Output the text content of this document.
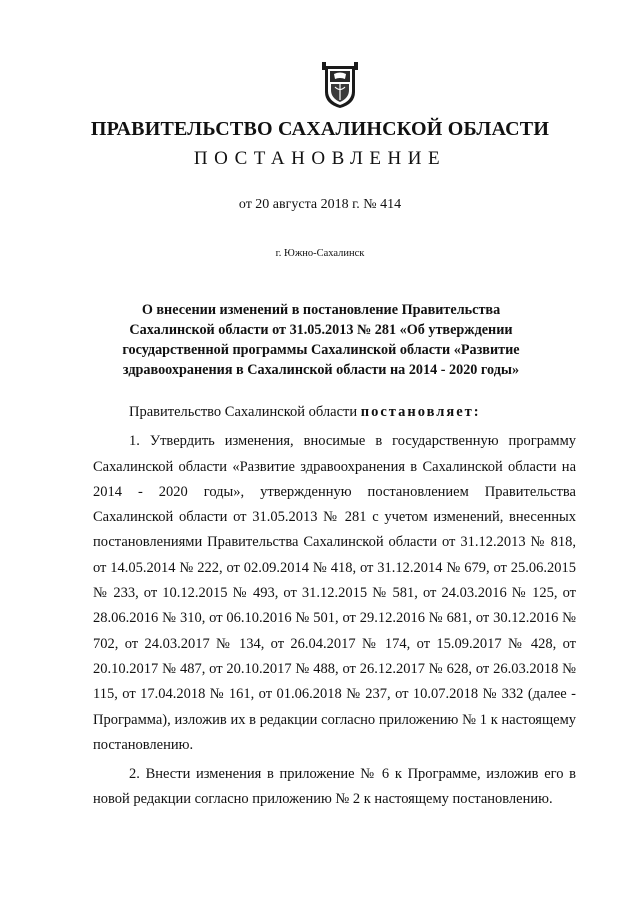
ПРАВИТЕЛЬСТВО САХАЛИНСКОЙ ОБЛАСТИ
ПОСТАНОВЛЕНИЕ
от 20 августа 2018 г. № 414
г. Южно-Сахалинск
О внесении изменений в постановление Правительства Сахалинской области от 31.05.2013 № 281 «Об утверждении государственной программы Сахалинской области «Развитие здравоохранения в Сахалинской области на 2014 - 2020 годы»

Правительство Сахалинской области постановляет:

1. Утвердить изменения, вносимые в государственную программу Сахалинской области «Развитие здравоохранения в Сахалинской области на 2014 - 2020 годы», утвержденную постановлением Правительства Сахалинской области от 31.05.2013 № 281 с учетом изменений, внесенных постановлениями Правительства Сахалинской области от 31.12.2013 № 818, от 14.05.2014 № 222, от 02.09.2014 № 418, от 31.12.2014 № 679, от 25.06.2015 № 233, от 10.12.2015 № 493, от 31.12.2015 № 581, от 24.03.2016 № 125, от 28.06.2016 № 310, от 06.10.2016 № 501, от 29.12.2016 № 681, от 30.12.2016 № 702, от 24.03.2017 № 134, от 26.04.2017 № 174, от 15.09.2017 № 428, от 20.10.2017 № 487, от 20.10.2017 № 488, от 26.12.2017 № 628, от 26.03.2018 № 115, от 17.04.2018 № 161, от 01.06.2018 № 237, от 10.07.2018 № 332 (далее - Программа), изложив их в редакции согласно приложению № 1 к настоящему постановлению.

2. Внести изменения в приложение № 6 к Программе, изложив его в новой редакции согласно приложению № 2 к настоящему постановлению.
